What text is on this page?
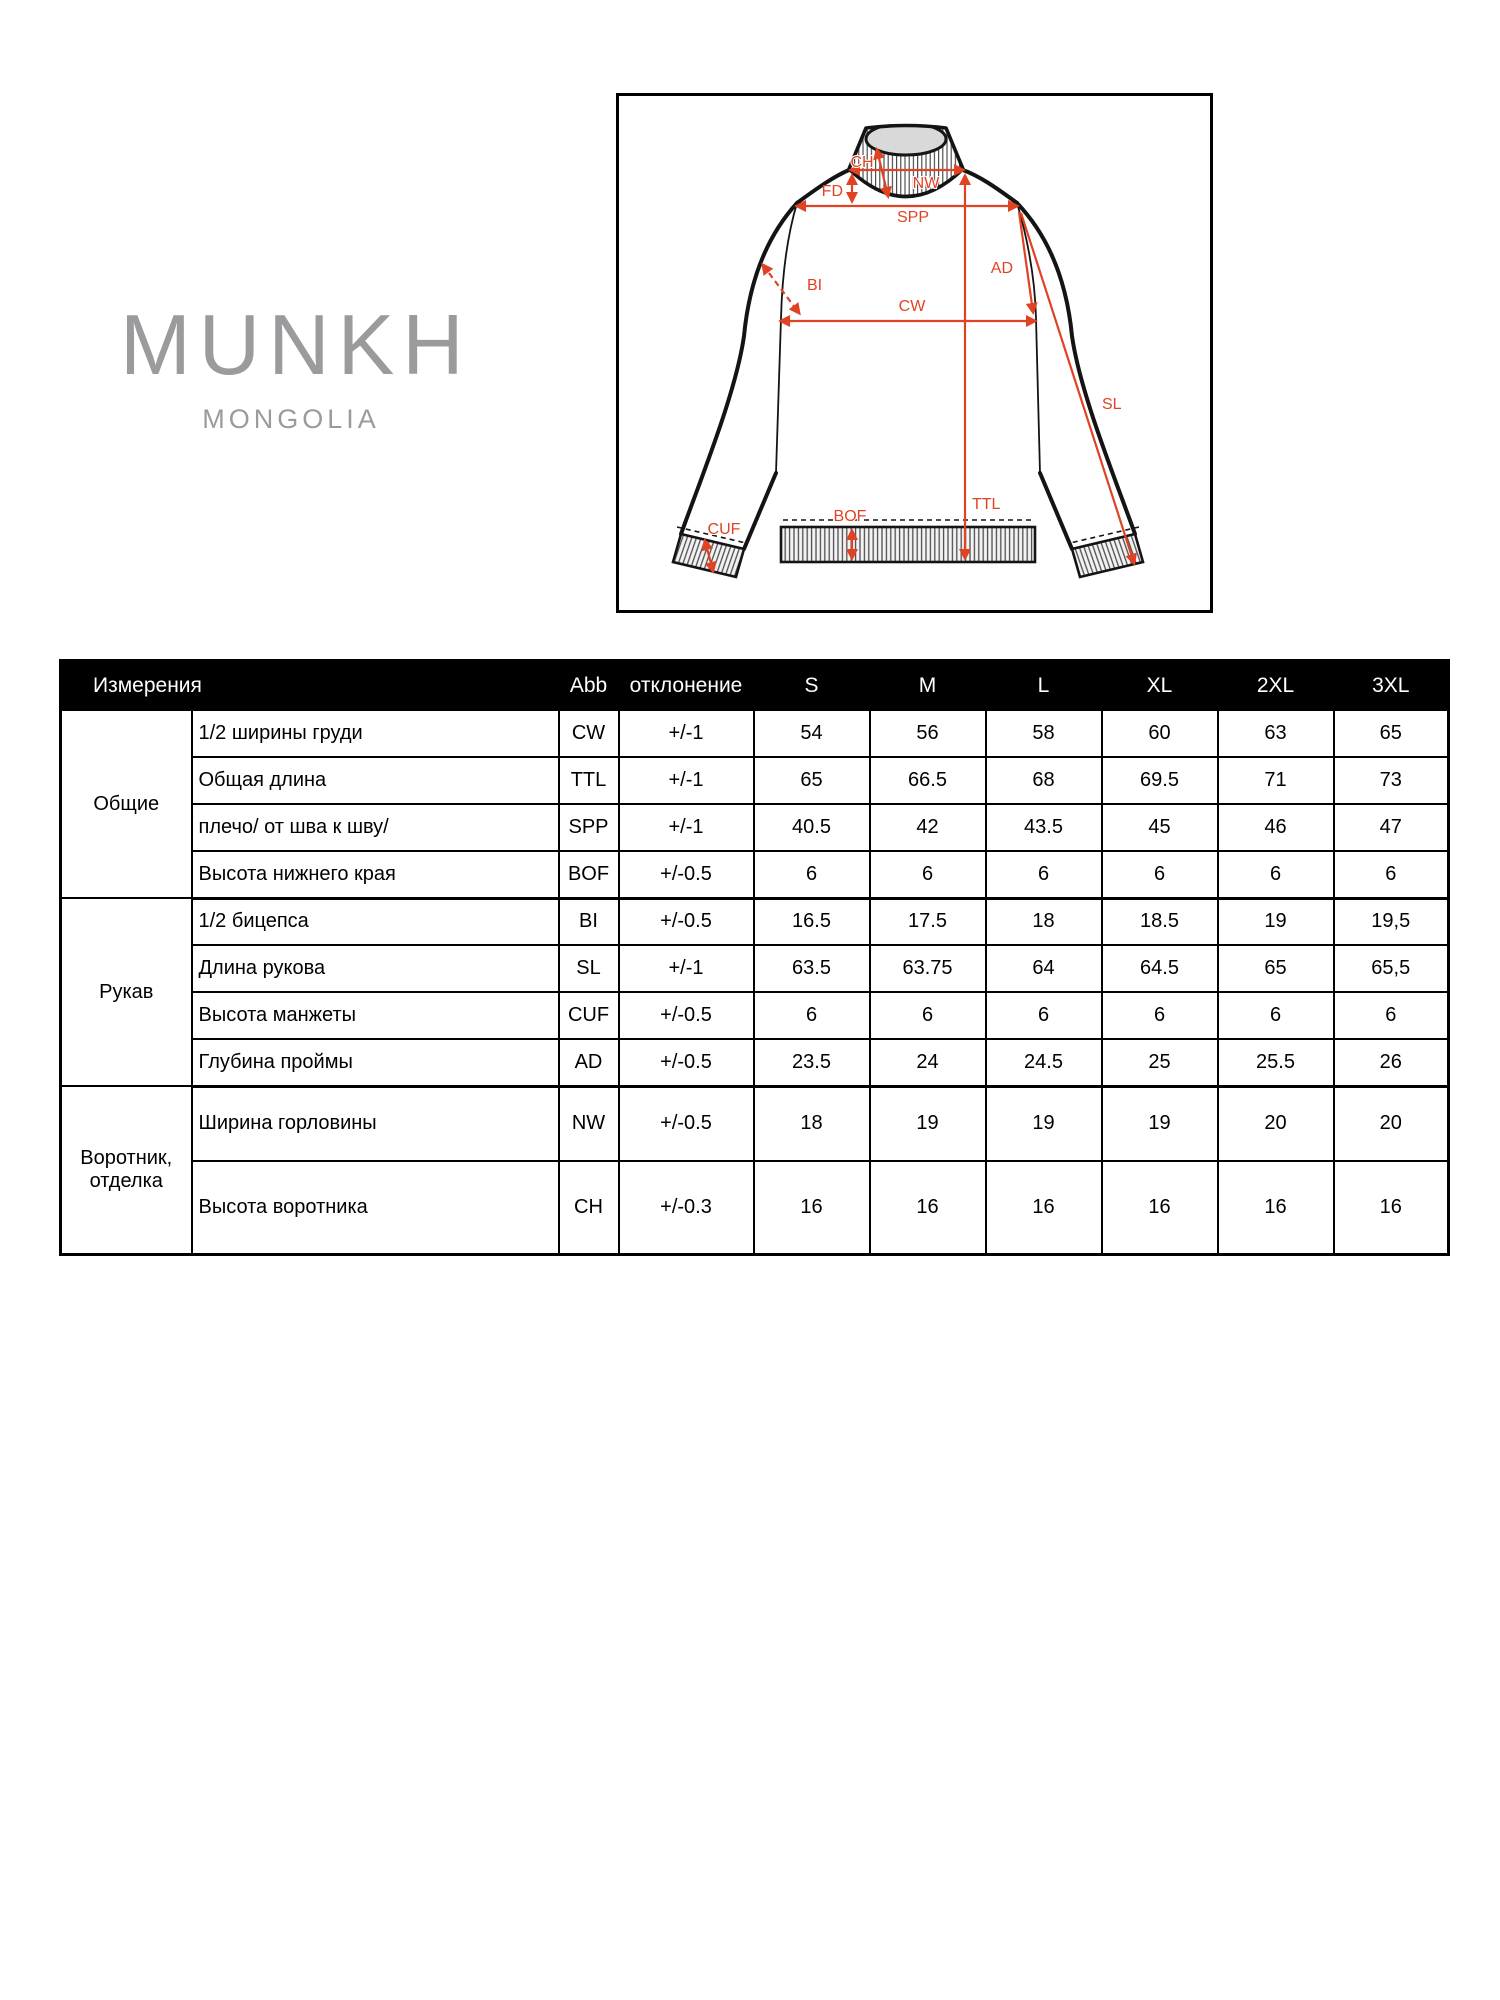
MUNKH
MONGOLIA
SPP
FD	NW
CH
CW
TTL
AD
SL
BI
BOF
CUF
Измерения		Abb	отклонение	S	M	L	XL	2XL	3XL
Общие	1/2 ширины груди	CW	+/-1	54	56	58	60	63	65
	Общая длина	TTL	+/-1	65	66.5	68	69.5	71	73
	плечо/ от шва к шву/	SPP	+/-1	40.5	42	43.5	45	46	47
	Высота нижнего края	BOF	+/-0.5	6	6	6	6	6	6
Рукав	1/2 бицепса	BI	+/-0.5	16.5	17.5	18	18.5	19	19,5
	Длина рукова	SL	+/-1	63.5	63.75	64	64.5	65	65,5
	Высота манжеты	CUF	+/-0.5	6	6	6	6	6	6
	Глубина проймы	AD	+/-0.5	23.5	24	24.5	25	25.5	26
Воротник, отделка	Ширина горловины	NW	+/-0.5	18	19	19	19	20	20
	Высота воротника	CH	+/-0.3	16	16	16	16	16	16
